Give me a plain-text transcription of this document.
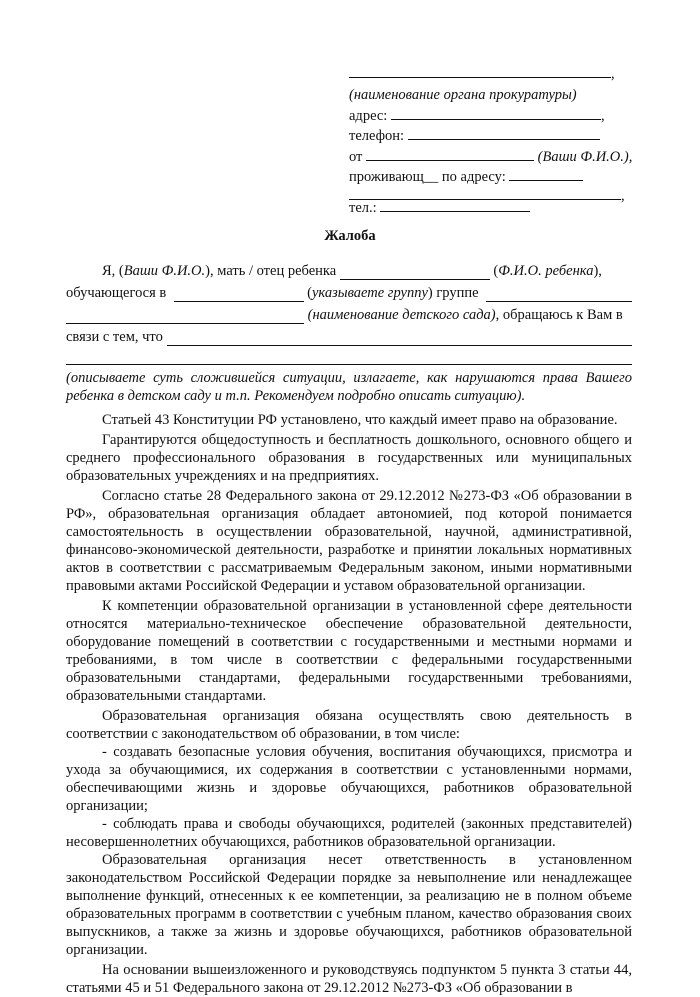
,
(наименование органа прокуратуры)
адрес:	,
телефон:
от	(Ваши Ф.И.О.),
проживающ__ по адресу:
,
тел.:
Жалоба

Я, ( Ваши Ф.И.О. ), мать / отец ребенка
	( Ф.И.О. ребенка ),

обучающегося в
	( указываете группу ) группе

(наименование детского сада) , обращаюсь к Вам в

связи с тем, что

(описываете суть сложившейся ситуации, излагаете, как нарушаются права Вашего ребенка в детском саду и т.п. Рекомендуем подробно описать ситуацию).

Статьей 43 Конституции РФ установлено, что каждый имеет право на образование.

Гарантируются общедоступность и бесплатность дошкольного, основного общего и среднего профессионального образования в государственных или муниципальных образовательных учреждениях и на предприятиях.

Согласно статье 28 Федерального закона от 29.12.2012 №273-ФЗ «Об образовании в РФ», образовательная организация обладает автономией, под которой понимается самостоятельность в осуществлении образовательной, научной, административной, финансово-экономической деятельности, разработке и принятии локальных нормативных актов в соответствии с рассматриваемым Федеральным законом, иными нормативными правовыми актами Российской Федерации и уставом образовательной организации.

К компетенции образовательной организации в установленной сфере деятельности относятся материально-техническое обеспечение образовательной деятельности, оборудование помещений в соответствии с государственными и местными нормами и требованиями, в том числе в соответствии с федеральными государственными образовательными стандартами, федеральными государственными требованиями, образовательными стандартами.

Образовательная организация обязана осуществлять свою деятельность в соответствии с законодательством об образовании, в том числе:

- создавать безопасные условия обучения, воспитания обучающихся, присмотра и ухода за обучающимися, их содержания в соответствии с установленными нормами, обеспечивающими жизнь и здоровье обучающихся, работников образовательной организации;

- соблюдать права и свободы обучающихся, родителей (законных представителей) несовершеннолетних обучающихся, работников образовательной организации.

Образовательная организация несет ответственность в установленном законодательством Российской Федерации порядке за невыполнение или ненадлежащее выполнение функций, отнесенных к ее компетенции, за реализацию не в полном объеме образовательных программ в соответствии с учебным планом, качество образования своих выпускников, а также за жизнь и здоровье обучающихся, работников образовательной организации.

На основании вышеизложенного и руководствуясь подпунктом 5 пункта 3 статьи 44, статьями 45 и 51 Федерального закона от 29.12.2012 №273-ФЗ «Об образовании в
